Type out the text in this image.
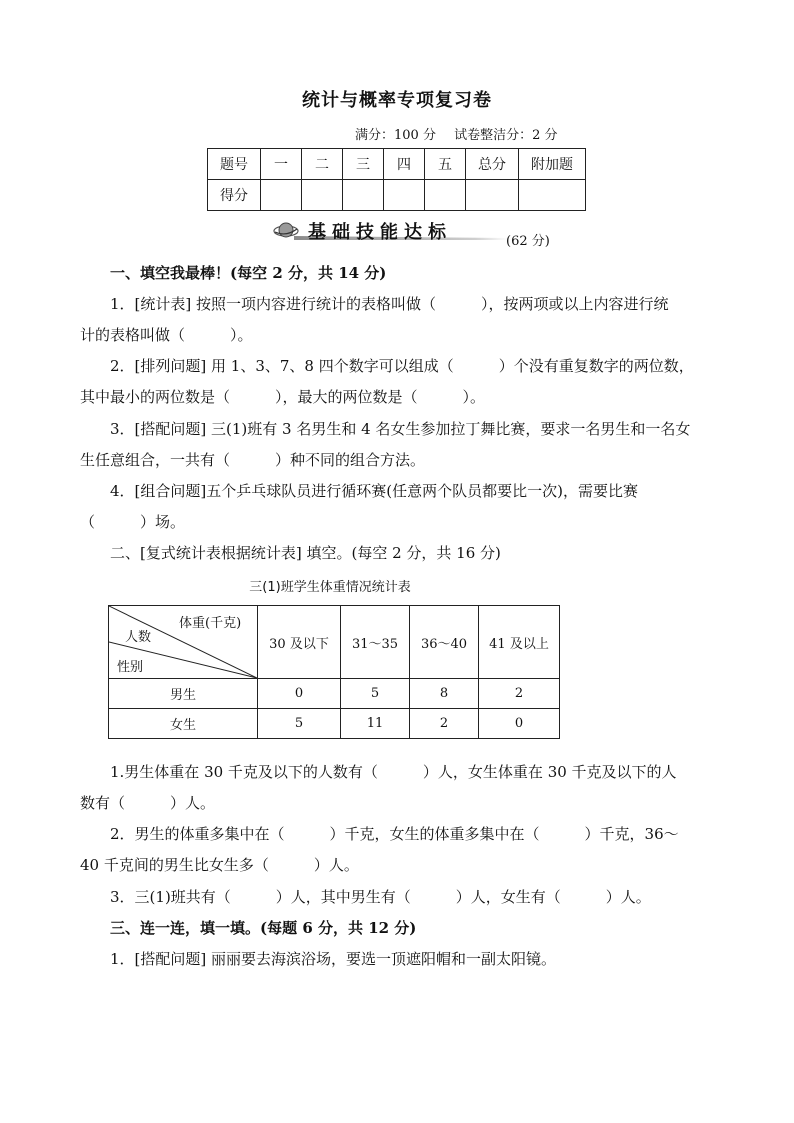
统计与概率专项复习卷
满分：100 分 试卷整洁分：2 分
题号	一	二	三	四	五	总分	附加题
得分							
基础技能达标	(62 分)
一、填空我最棒！(每空 2 分，共 14 分)
1．[统计表] 按照一项内容进行统计的表格叫做（　　　），按两项或以上内容进行统
计的表格叫做（　　　）。
2．[排列问题] 用 1、3、7、8 四个数字可以组成（　　　）个没有重复数字的两位数，
其中最小的两位数是（　　　），最大的两位数是（　　　）。
3．[搭配问题] 三(1)班有 3 名男生和 4 名女生参加拉丁舞比赛，要求一名男生和一名女
生任意组合，一共有（　　　）种不同的组合方法。
4．[组合问题]五个乒乓球队员进行循环赛(任意两个队员都要比一次)，需要比赛
（　　　）场。
二、[复式统计表根据统计表] 填空。(每空 2 分，共 16 分)
三(1)班学生体重情况统计表
体重(千克)
人数
性别	30 及以下	31～35	36～40	41 及以上
男生	0	5	8	2
女生	5	11	2	0
1.男生体重在 30 千克及以下的人数有（　　　）人，女生体重在 30 千克及以下的人
数有（　　　）人。
2．男生的体重多集中在（　　　）千克，女生的体重多集中在（　　　）千克，36～
40 千克间的男生比女生多（　　　）人。
3．三(1)班共有（　　　）人，其中男生有（　　　）人，女生有（　　　）人。
三、连一连，填一填。(每题 6 分，共 12 分)
1．[搭配问题] 丽丽要去海滨浴场，要选一顶遮阳帽和一副太阳镜。
